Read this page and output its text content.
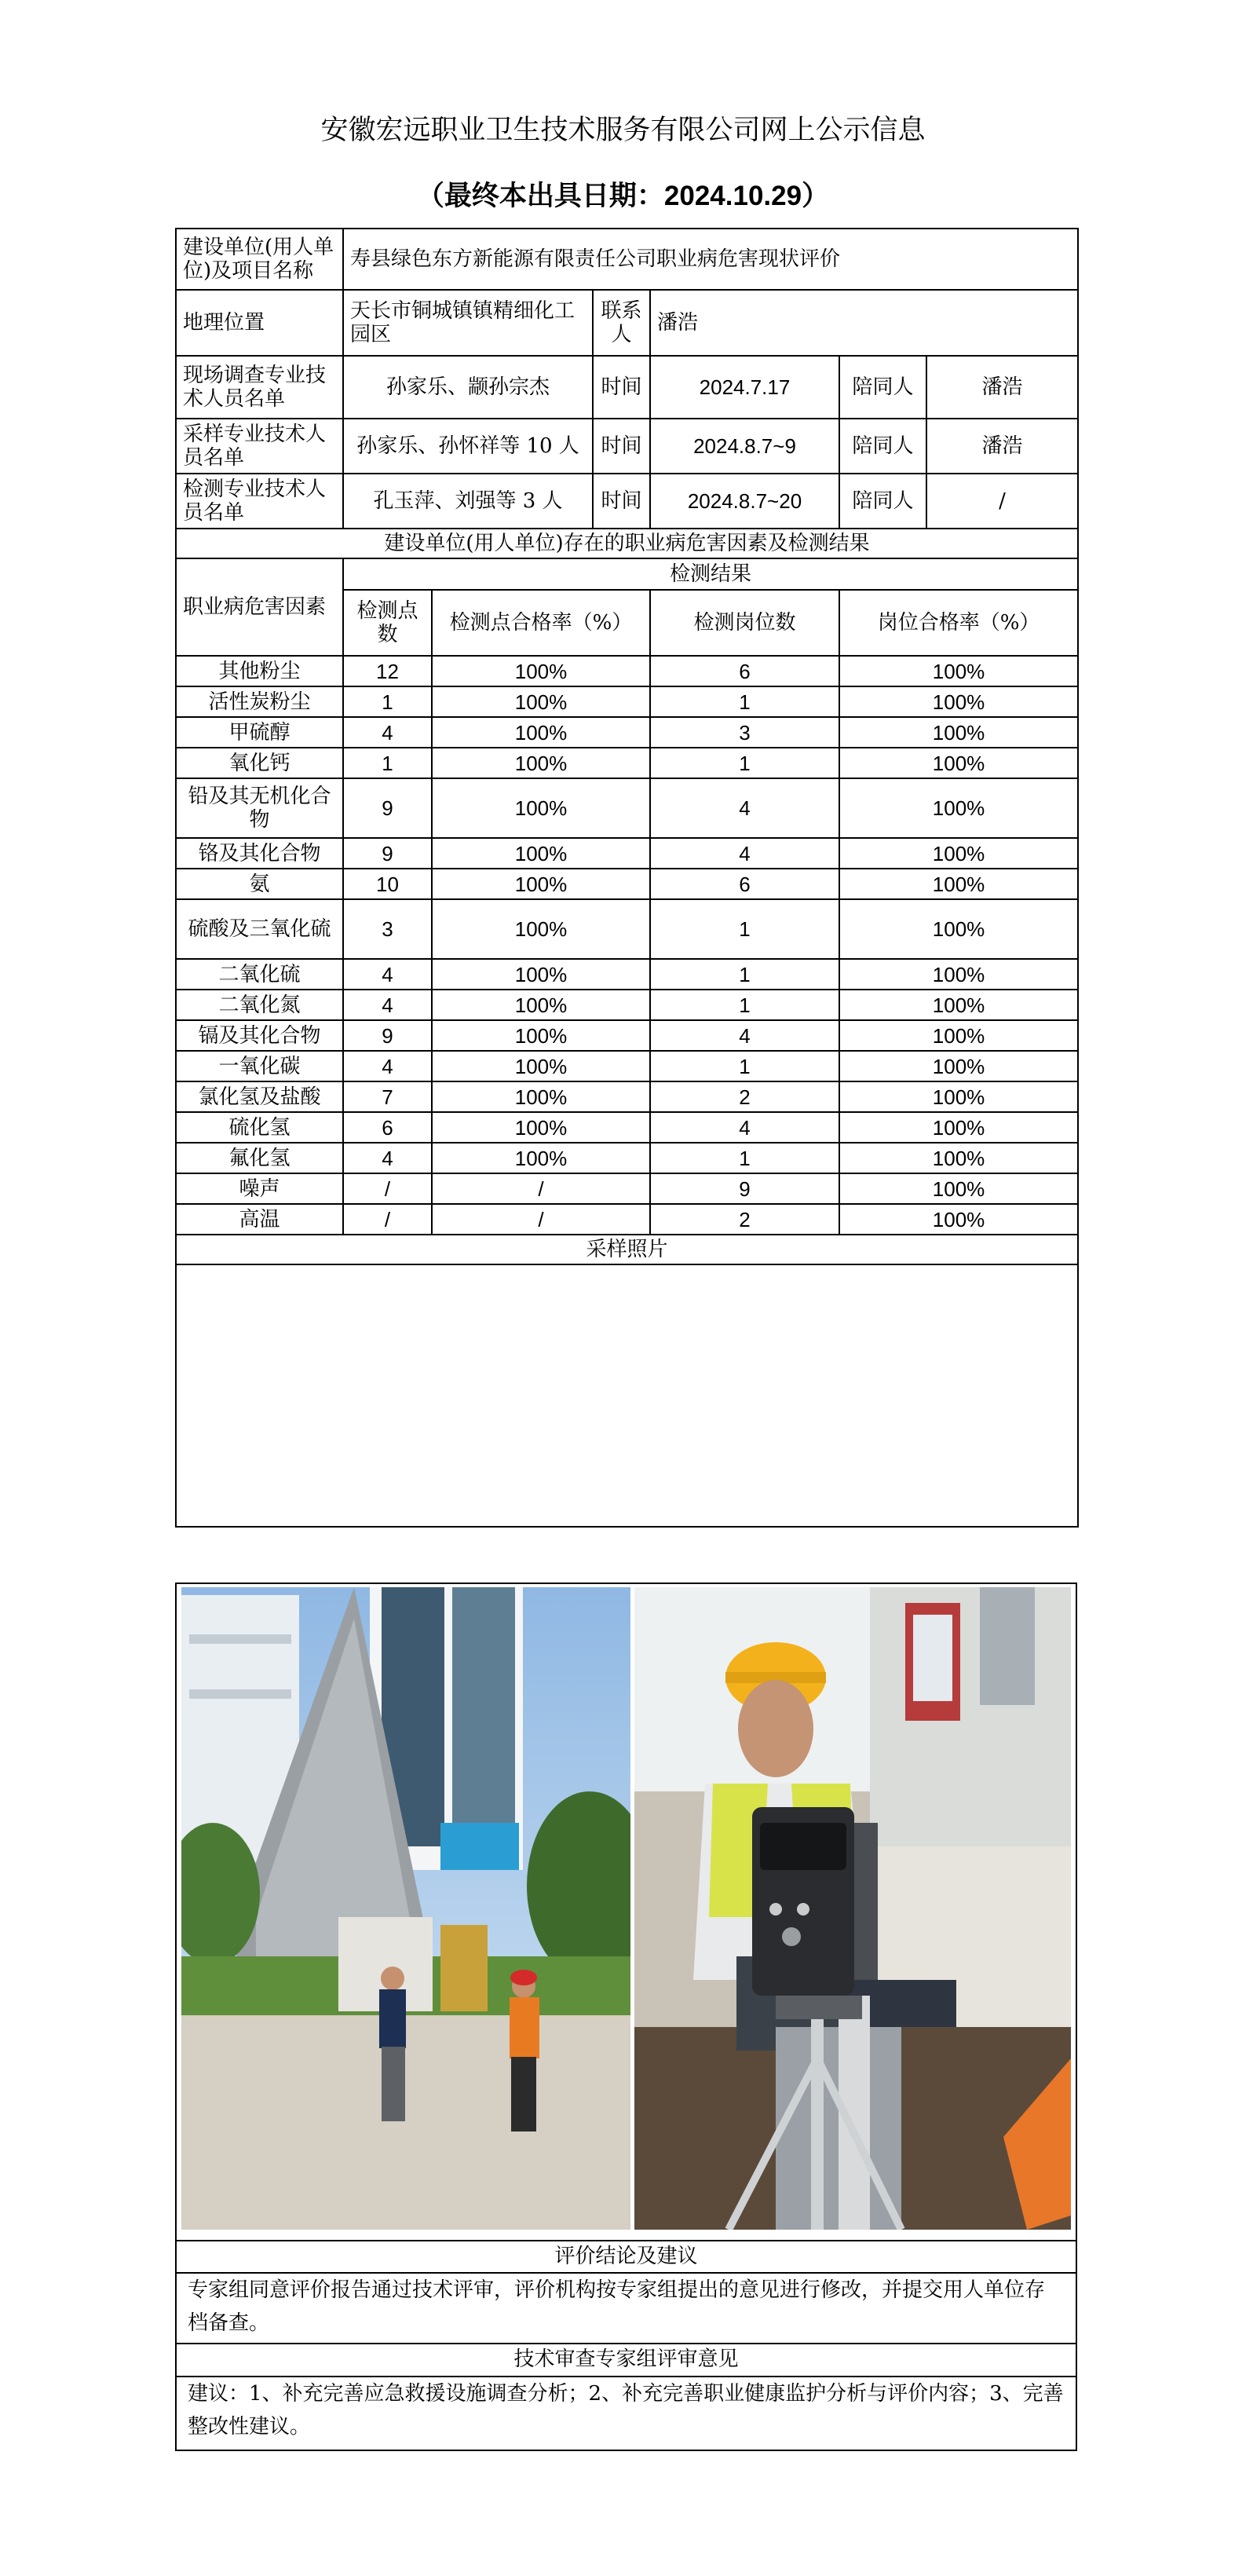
安徽宏远职业卫生技术服务有限公司网上公示信息
（最终本出具日期：2024.10.29）
建设单位(用人单位)及项目名称	寿县绿色东方新能源有限责任公司职业病危害现状评价					
地理位置	天长市铜城镇镇精细化工园区		联系人	潘浩		
现场调查专业技术人员名单	孙家乐、颛孙宗杰		时间	2024.7.17	陪同人	潘浩
采样专业技术人员名单	孙家乐、孙怀祥等 10 人		时间	2024.8.7~9	陪同人	潘浩
检测专业技术人员名单	孔玉萍、刘强等 3 人		时间	2024.8.7~20	陪同人	/
建设单位(用人单位)存在的职业病危害因素及检测结果						
职业病危害因素	检测结果					
	检测点数	检测点合格率（%）		检测岗位数	岗位合格率（%）	
其他粉尘	12	100%		6	100%	
活性炭粉尘	1	100%		1	100%	
甲硫醇	4	100%		3	100%	
氧化钙	1	100%		1	100%	
铅及其无机化合物	9	100%		4	100%	
铬及其化合物	9	100%		4	100%	
氨	10	100%		6	100%	
硫酸及三氧化硫	3	100%		1	100%	
二氧化硫	4	100%		1	100%	
二氧化氮	4	100%		1	100%	
镉及其化合物	9	100%		4	100%	
一氧化碳	4	100%		1	100%	
氯化氢及盐酸	7	100%		2	100%	
硫化氢	6	100%		4	100%	
氟化氢	4	100%		1	100%	
噪声	/	/		9	100%	
高温	/	/		2	100%	
采样照片						

评价结论及建议
专家组同意评价报告通过技术评审，评价机构按专家组提出的意见进行修改，并提交用人单位存档备查。
技术审查专家组评审意见
建议：1、补充完善应急救援设施调查分析；2、补充完善职业健康监护分析与评价内容；3、完善整改性建议。
